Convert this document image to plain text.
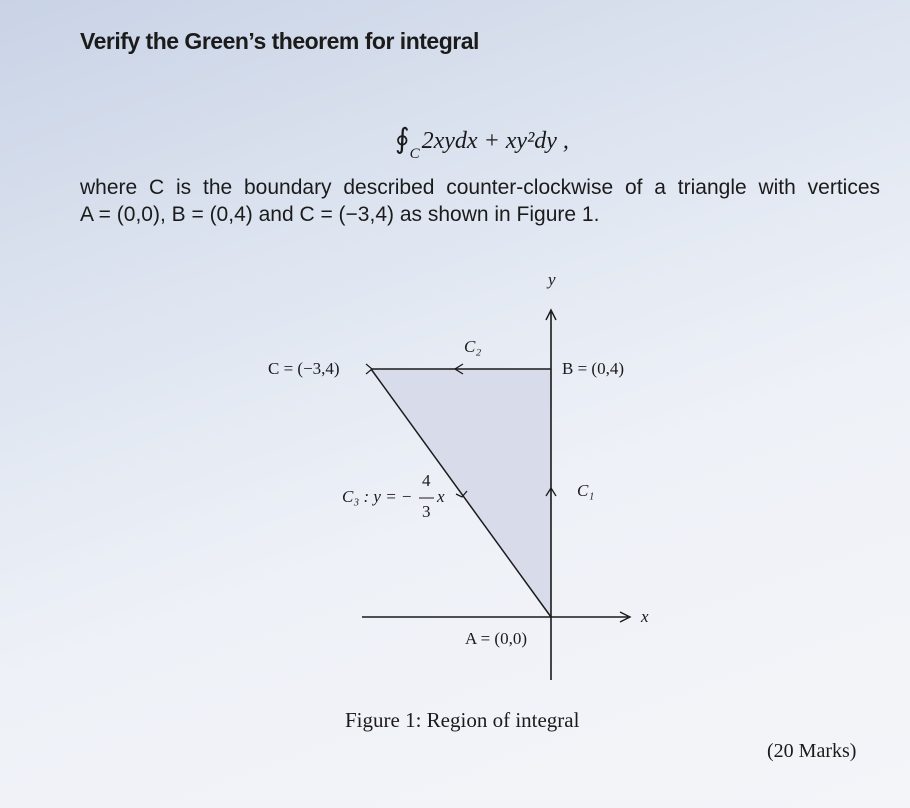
Verify the Green’s theorem for integral
$∮_C2xydx + xy^2dy$ ,
where C is the boundary described counter-clockwise of a triangle with vertices
A = (0,0), B = (0,4) and C = (−3,4) as shown in Figure 1.
y
x
C = (−3,4)	B = (0,4)
A = (0,0)
C₂
C₁
C₃ : y = −
4
3
x
Figure 1: Region of integral
(20 Marks)
